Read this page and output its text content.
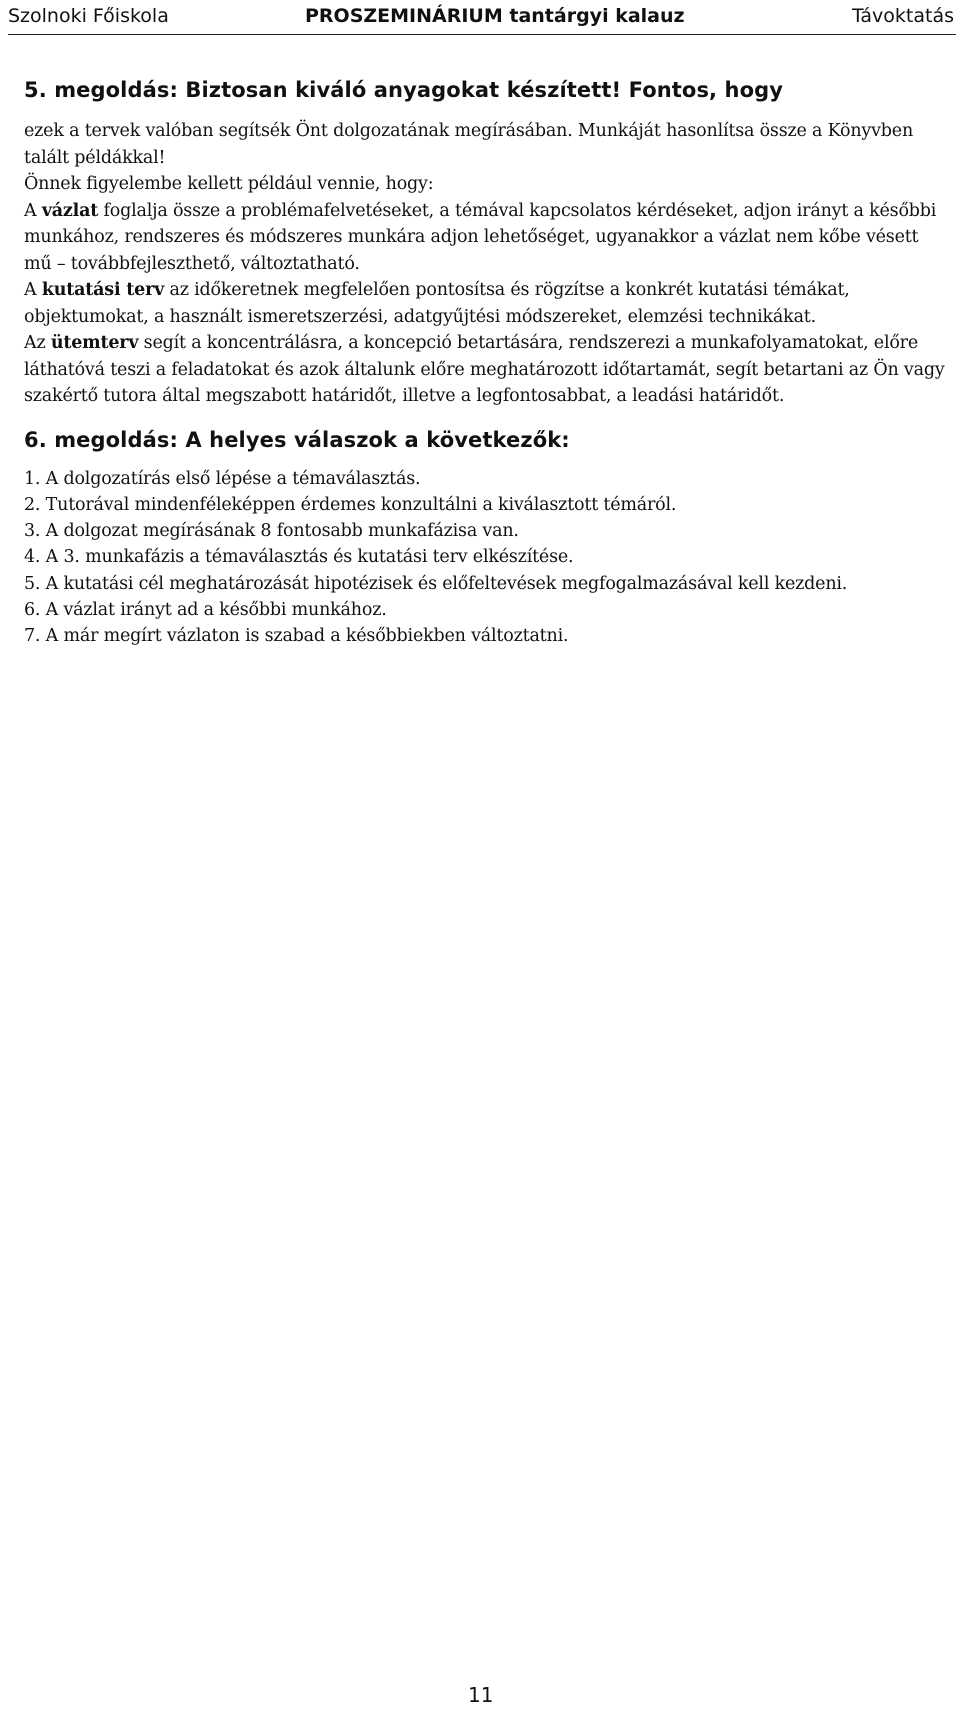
Szolnoki Főiskola	PROSZEMINÁRIUM tantárgyi kalauz	Távoktatás
5. megoldás: Biztosan kiváló anyagokat készített! Fontos, hogy

ezek a tervek valóban segítsék Önt dolgozatának megírásában. Munkáját hasonlítsa össze a Könyvben talált példákkal!

Önnek figyelembe kellett például vennie, hogy:

A vázlat foglalja össze a problémafelvetéseket, a témával kapcsolatos kérdéseket, adjon irányt a későbbi munkához, rendszeres és módszeres munkára adjon lehetőséget, ugyanakkor a vázlat nem kőbe vésett mű – továbbfejleszthető, változtatható.

A kutatási terv az időkeretnek megfelelően pontosítsa és rögzítse a konkrét kutatási témákat, objektumokat, a használt ismeretszerzési, adatgyűjtési módszereket, elemzési technikákat.

Az ütemterv segít a koncentrálásra, a koncepció betartására, rendszerezi a munkafolyamatokat, előre láthatóvá teszi a feladatokat és azok általunk előre meghatározott időtartamát, segít betartani az Ön vagy szakértő tutora által megszabott határidőt, illetve a legfontosabbat, a leadási határidőt.

6. megoldás: A helyes válaszok a következők:
1. A dolgozatírás első lépése a témaválasztás.
2. Tutorával mindenféleképpen érdemes konzultálni a kiválasztott témáról.
3. A dolgozat megírásának 8 fontosabb munkafázisa van.
4. A 3. munkafázis a témaválasztás és kutatási terv elkészítése.
5. A kutatási cél meghatározását hipotézisek és előfeltevések megfogalmazásával kell kezdeni.
6. A vázlat irányt ad a későbbi munkához.
7. A már megírt vázlaton is szabad a későbbiekben változtatni.
11
